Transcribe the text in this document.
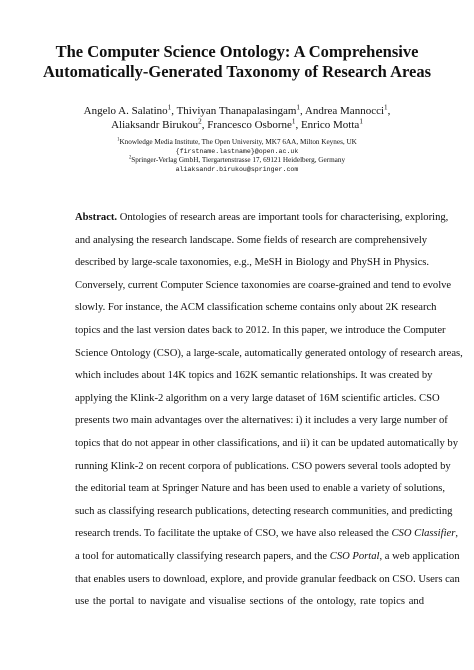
The Computer Science Ontology: A Comprehensive
Automatically-Generated Taxonomy of Research Areas
Angelo A. Salatino$^1$, Thiviyan Thanapalasingam$^1$, Andrea Mannocci$^1$,
Aliaksandr Birukou$^2$, Francesco Osborne$^1$, Enrico Motta$^1$
$^1$Knowledge Media Institute, The Open University, MK7 6AA, Milton Keynes, UK
{firstname.lastname}@open.ac.uk
$^2$Springer-Verlag GmbH, Tiergartenstrasse 17, 69121 Heidelberg, Germany
aliaksandr.birukou@springer.com
Abstract. Ontologies of research areas are important tools for characterising, exploring,
and analysing the research landscape. Some fields of research are comprehensively
described by large-scale taxonomies, e.g., MeSH in Biology and PhySH in Physics.
Conversely, current Computer Science taxonomies are coarse-grained and tend to evolve
slowly. For instance, the ACM classification scheme contains only about 2K research
topics and the last version dates back to 2012. In this paper, we introduce the Computer
Science Ontology (CSO), a large-scale, automatically generated ontology of research areas,
which includes about 14K topics and 162K semantic relationships. It was created by
applying the Klink-2 algorithm on a very large dataset of 16M scientific articles. CSO
presents two main advantages over the alternatives: i) it includes a very large number of
topics that do not appear in other classifications, and ii) it can be updated automatically by
running Klink-2 on recent corpora of publications. CSO powers several tools adopted by
the editorial team at Springer Nature and has been used to enable a variety of solutions,
such as classifying research publications, detecting research communities, and predicting
research trends. To facilitate the uptake of CSO, we have also released the CSO Classifier,
a tool for automatically classifying research papers, and the CSO Portal, a web application
that enables users to download, explore, and provide granular feedback on CSO. Users can
use the portal to navigate and visualise sections of the ontology, rate topics and
